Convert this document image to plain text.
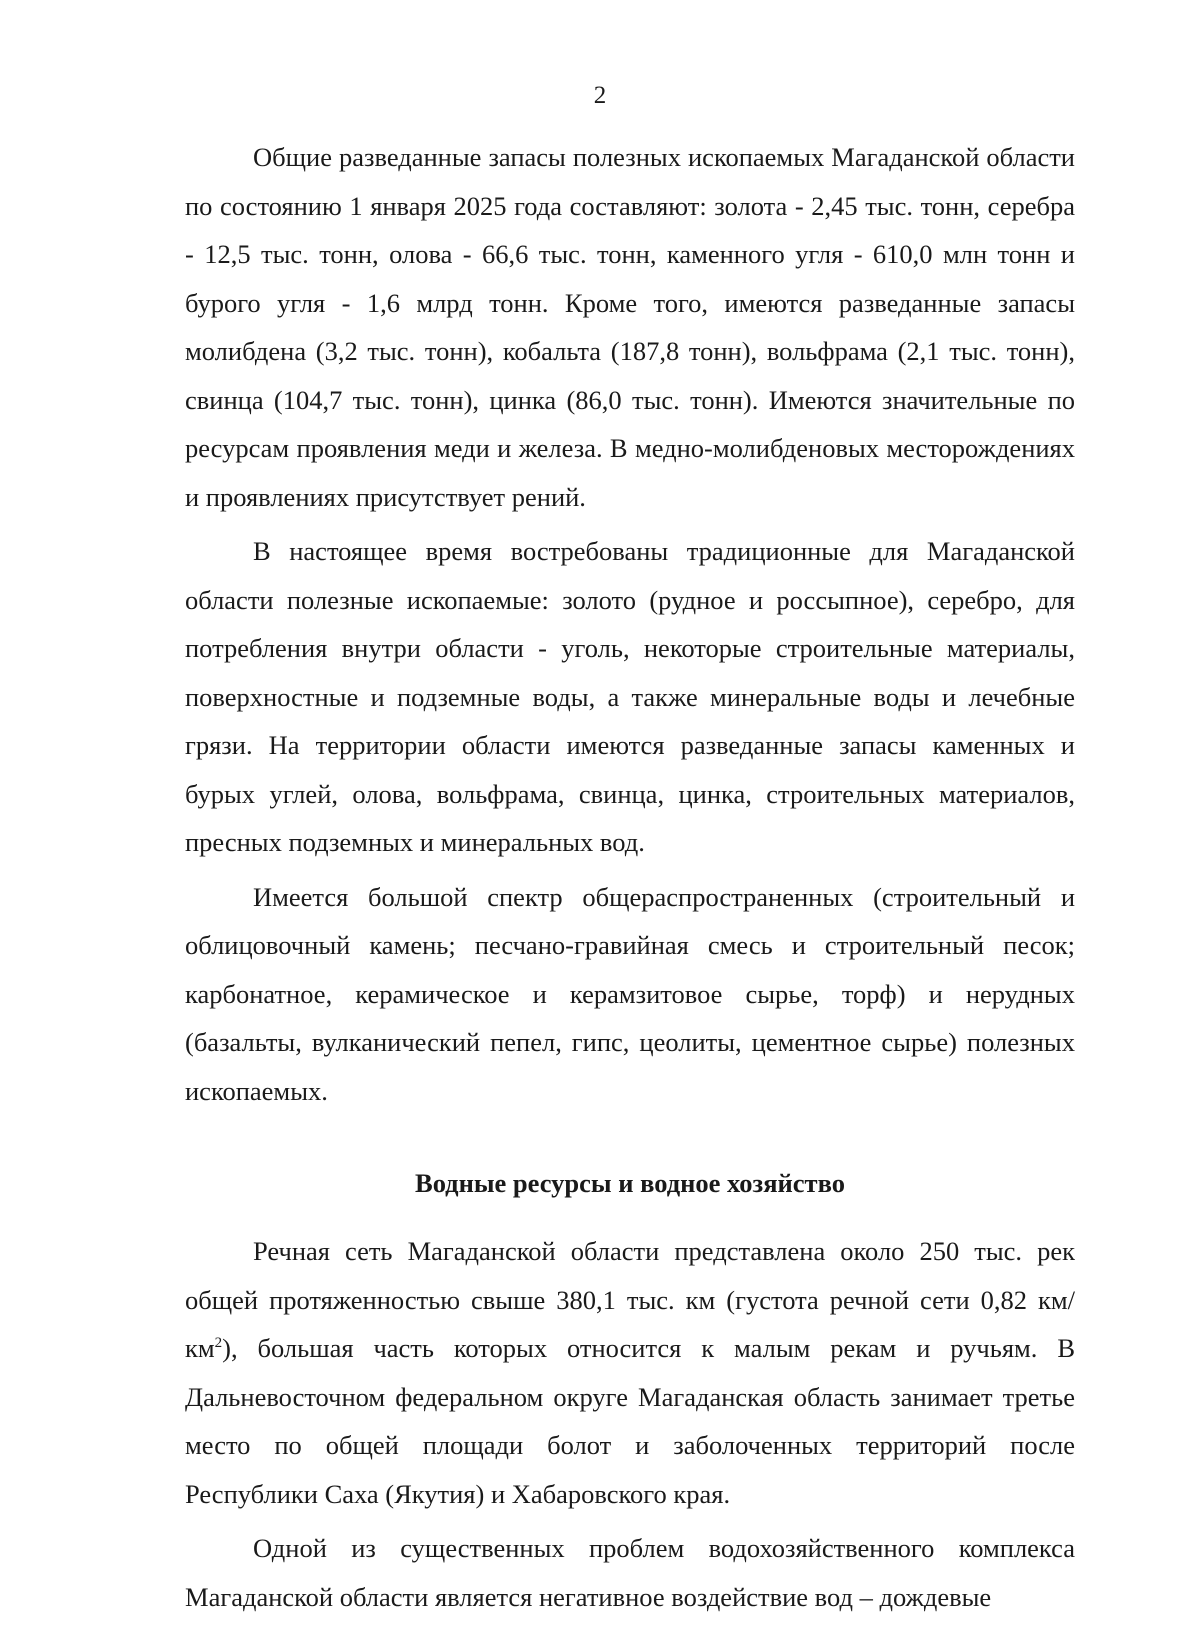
2

Общие разведанные запасы полезных ископаемых Магаданской области по состоянию 1 января 2025 года составляют: золота - 2,45 тыс. тонн, серебра - 12,5 тыс. тонн, олова - 66,6 тыс. тонн, каменного угля - 610,0 млн тонн и бурого угля - 1,6 млрд тонн. Кроме того, имеются разведанные запасы молибдена (3,2 тыс. тонн), кобальта (187,8 тонн), вольфрама (2,1 тыс. тонн), свинца (104,7 тыс. тонн), цинка (86,0 тыс. тонн). Имеются значительные по ресурсам проявления меди и железа. В медно-молибденовых месторождениях и проявлениях присутствует рений.

В настоящее время востребованы традиционные для Магаданской области полезные ископаемые: золото (рудное и россыпное), серебро, для потребления внутри области - уголь, некоторые строительные материалы, поверхностные и подземные воды, а также минеральные воды и лечебные грязи. На территории области имеются разведанные запасы каменных и бурых углей, олова, вольфрама, свинца, цинка, строительных материалов, пресных подземных и минеральных вод.

Имеется большой спектр общераспространенных (строительный и облицовочный камень; песчано-гравийная смесь и строительный песок; карбонатное, керамическое и керамзитовое сырье, торф) и нерудных (базальты, вулканический пепел, гипс, цеолиты, цементное сырье) полезных ископаемых.

Водные ресурсы и водное хозяйство

Речная сеть Магаданской области представлена около 250 тыс. рек общей протяженностью свыше 380,1 тыс. км (густота речной сети 0,82 $км/км^2$), большая часть которых относится к малым рекам и ручьям. В Дальневосточном федеральном округе Магаданская область занимает третье место по общей площади болот и заболоченных территорий после Республики Саха (Якутия) и Хабаровского края.

Одной из существенных проблем водохозяйственного комплекса Магаданской области является негативное воздействие вод – дождевые
